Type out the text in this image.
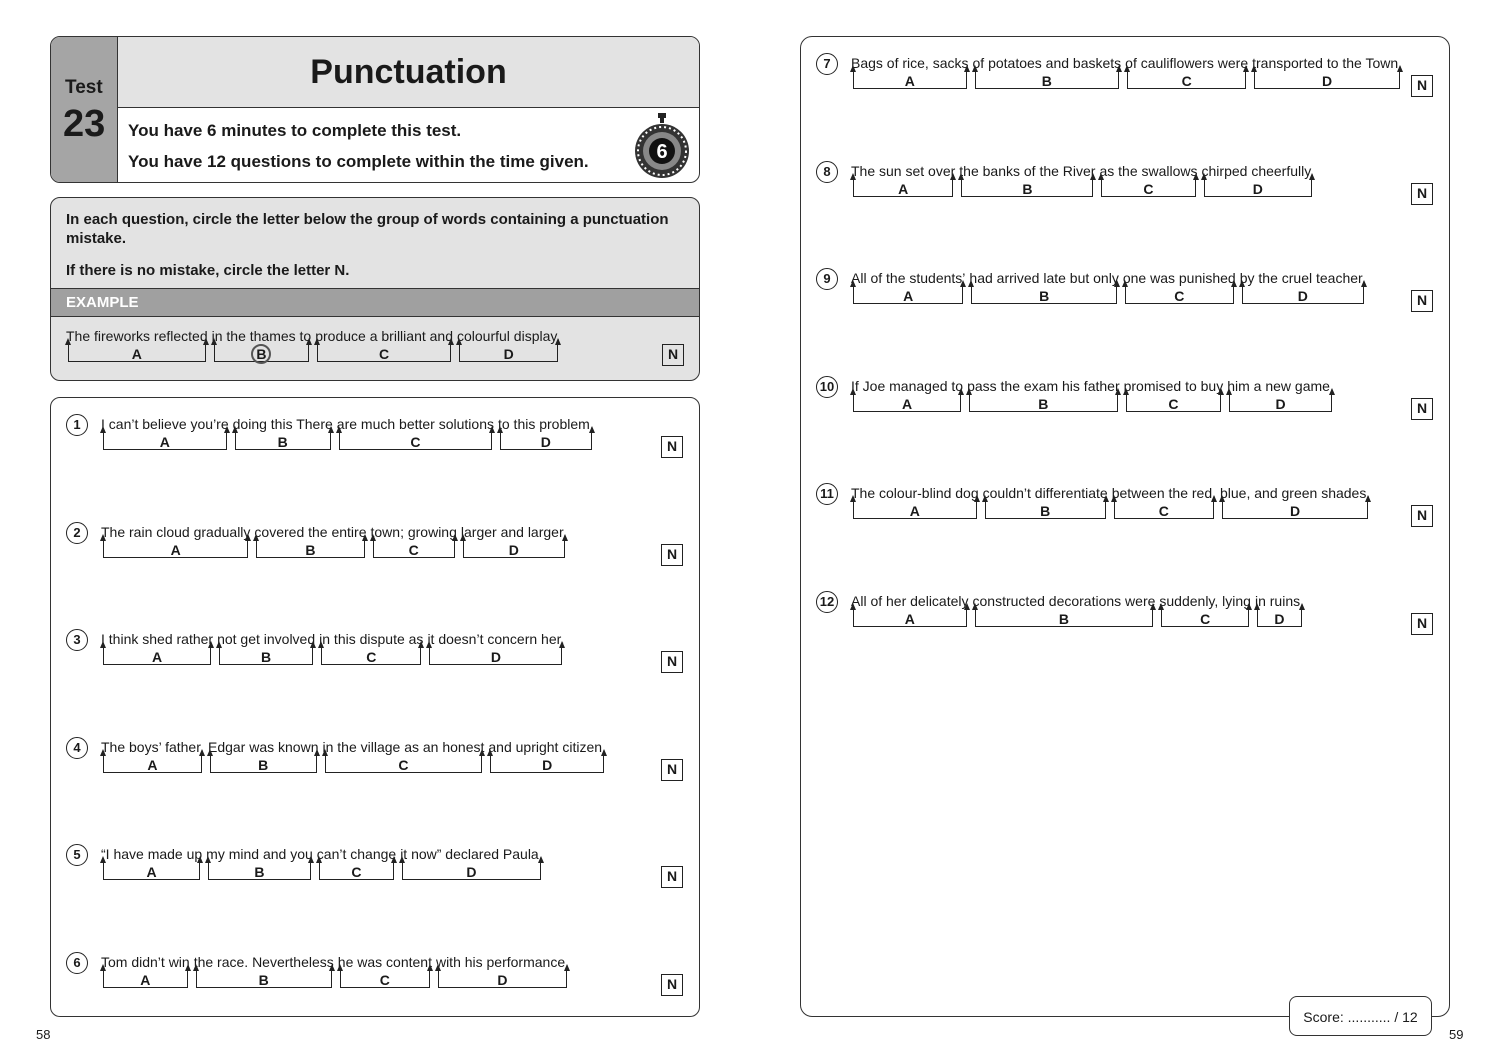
Test
23
Punctuation
You have 6 minutes to complete this test.
You have 12 questions to complete within the time given.	6
In each question, circle the letter below the group of words containing a punctuation mistake.
If there is no mistake, circle the letter N.
EXAMPLE
The fireworks reflected
A
in the thames to
B
produce a brilliant and
C
colourful display.
D	N
1	I can’t believe you’re
A
doing this There
B
are much better solutions
C
to this problem.
D	N
2	The rain cloud gradually
A
covered the entire
B
town; growing
C
larger and larger.
D	N
3	I think shed rather
A
not get involved
B
in this dispute as
C
it doesn’t concern her.
D	N
4	The boys’ father,
A
Edgar was known
B
in the village as an honest
C
and upright citizen.
D	N
5	“I have made up
A
my mind and you
B
can’t change
C
it now” declared Paula.
D	N
6	Tom didn’t win
A
the race. Nevertheless
B
he was content
C
with his performance.
D	N
7	Bags of rice, sacks
A
of potatoes and baskets
B
of cauliflowers were
C
transported to the Town.
D	N
8	The sun set over
A
the banks of the River
B
as the swallows
C
chirped cheerfully.
D	N
9	All of the students’
A
had arrived late but only
B
one was punished
C
by the cruel teacher.
D	N
10 If Joe managed to
A
pass the exam his father
B
promised to buy
C
him a new game.
D	N
11 The colour-blind dog
A
couldn’t differentiate
B
between the red,
C
blue, and green shades.
D	N
12 All of her delicately
A
constructed decorations were
B
suddenly, lying
C
in ruins.
D	N
Score: ........... / 12
58	59
